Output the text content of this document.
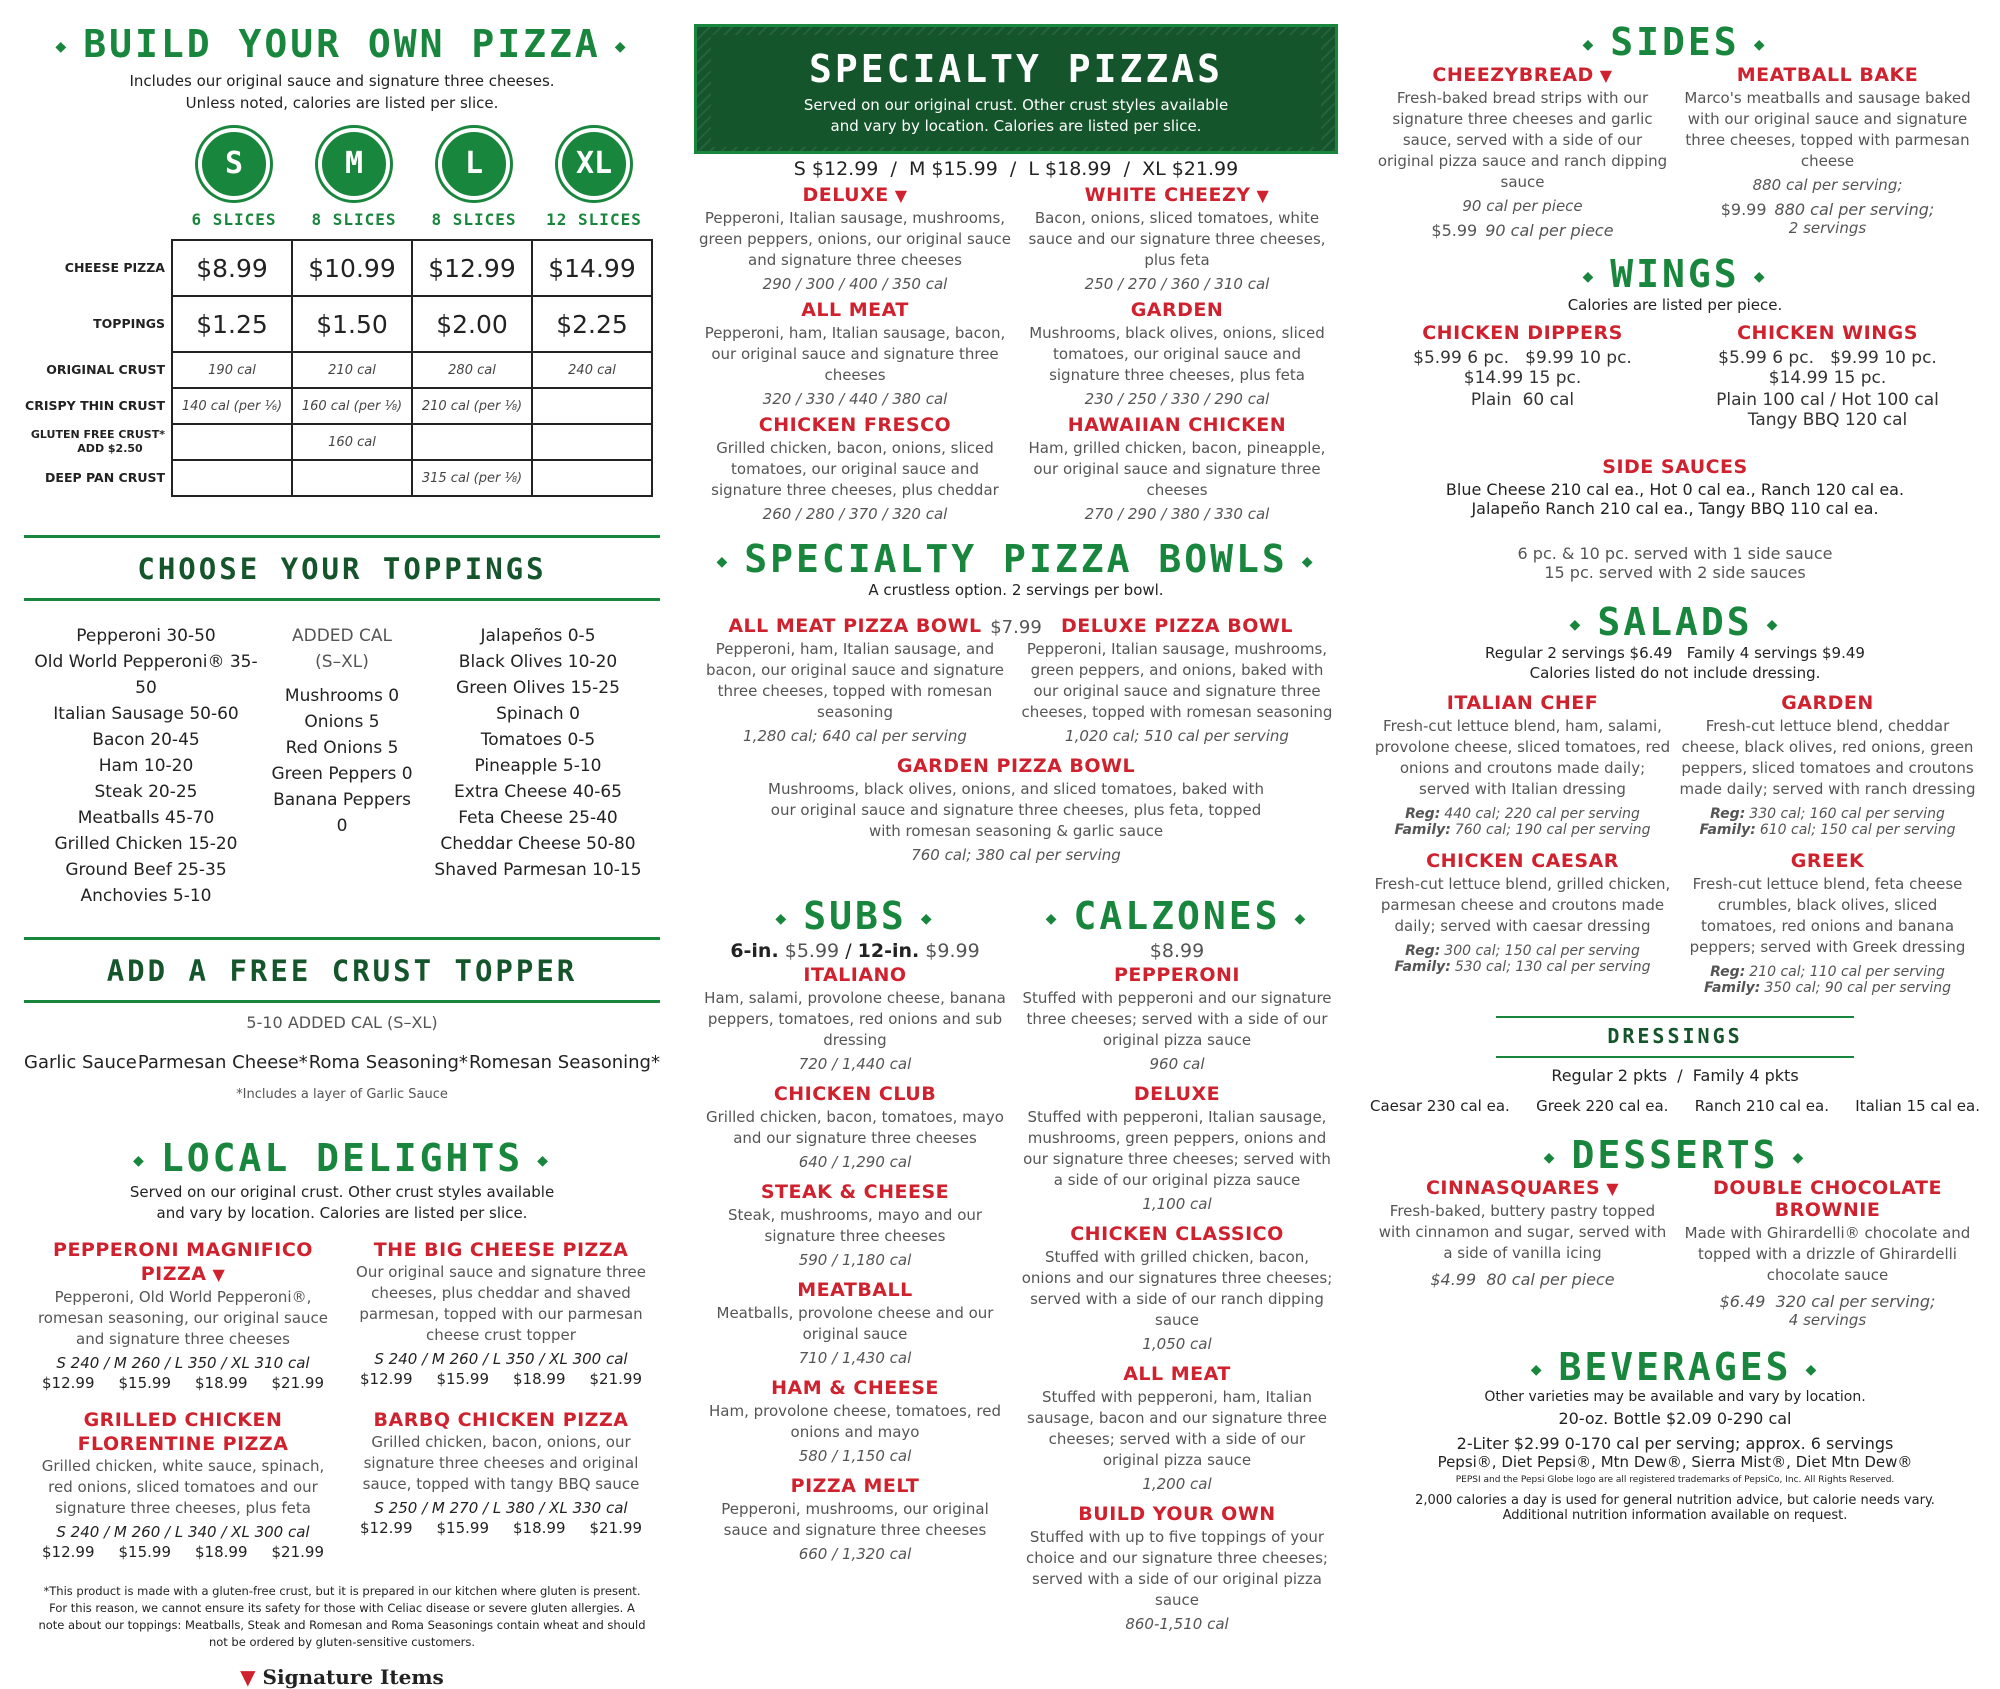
◆ BUILD YOUR OWN PIZZA ◆
Includes our original sauce and signature three cheeses.
Unless noted, calories are listed per slice.
S
6 SLICES
M
8 SLICES
L
8 SLICES
XL
12 SLICES
CHEESE PIZZA	$8.99	$10.99	$12.99	$14.99

TOPPINGS	$1.25	$1.50	$2.00	$2.25

ORIGINAL CRUST	190 cal	210 cal	280 cal	240 cal

CRISPY THIN CRUST	140 cal (per ⅙)	160 cal (per ⅛)	210 cal (per ⅛)	

GLUTEN FREE CRUST*
ADD $2.50		160 cal		

DEEP PAN CRUST			315 cal (per ⅛)	
CHOOSE YOUR TOPPINGS
Pepperoni 30-50
Old World Pepperoni® 35-50
Italian Sausage 50-60
Bacon 20-45
Ham 10-20
Steak 20-25
Meatballs 45-70
Grilled Chicken 15-20
Ground Beef 25-35
Anchovies 5-10
ADDED CAL
(S–XL)
Mushrooms 0
Onions 5
Red Onions 5
Green Peppers 0
Banana Peppers 0
Jalapeños 0-5
Black Olives 10-20
Green Olives 15-25
Spinach 0
Tomatoes 0-5
Pineapple 5-10
Extra Cheese 40-65
Feta Cheese 25-40
Cheddar Cheese 50-80
Shaved Parmesan 10-15
ADD A FREE CRUST TOPPER
5-10 ADDED CAL (S–XL)
Garlic Sauce Parmesan Cheese* Roma Seasoning* Romesan Seasoning*
*Includes a layer of Garlic Sauce
◆ LOCAL DELIGHTS ◆
Served on our original crust. Other crust styles available
and vary by location. Calories are listed per slice.
PEPPERONI MAGNIFICO PIZZA ▼
Pepperoni, Old World Pepperoni®, romesan seasoning, our original sauce and signature three cheeses
S 240 / M 260 / L 350 / XL 310 cal
$12.99 $15.99 $18.99 $21.99
THE BIG CHEESE PIZZA
Our original sauce and signature three cheeses, plus cheddar and shaved parmesan, topped with our parmesan cheese crust topper
S 240 / M 260 / L 350 / XL 300 cal
$12.99 $15.99 $18.99 $21.99
GRILLED CHICKEN FLORENTINE PIZZA
Grilled chicken, white sauce, spinach, red onions, sliced tomatoes and our signature three cheeses, plus feta
S 240 / M 260 / L 340 / XL 300 cal
$12.99 $15.99 $18.99 $21.99
BARBQ CHICKEN PIZZA
Grilled chicken, bacon, onions, our signature three cheeses and original sauce, topped with tangy BBQ sauce
S 250 / M 270 / L 380 / XL 330 cal
$12.99 $15.99 $18.99 $21.99
*This product is made with a gluten-free crust, but it is prepared in our kitchen where gluten is present. For this reason, we cannot ensure its safety for those with Celiac disease or severe gluten allergies. A note about our toppings: Meatballs, Steak and Romesan and Roma Seasonings contain wheat and should not be ordered by gluten-sensitive customers.
▼ Signature Items
SPECIALTY PIZZAS
Served on our original crust. Other crust styles available
and vary by location. Calories are listed per slice.
S $12.99  /  M $15.99  /  L $18.99  /  XL $21.99
DELUXE ▼
Pepperoni, Italian sausage, mushrooms, green peppers, onions, our original sauce and signature three cheeses
290 / 300 / 400 / 350 cal
WHITE CHEEZY ▼
Bacon, onions, sliced tomatoes, white sauce and our signature three cheeses, plus feta
250 / 270 / 360 / 310 cal
ALL MEAT
Pepperoni, ham, Italian sausage, bacon, our original sauce and signature three cheeses
320 / 330 / 440 / 380 cal
GARDEN
Mushrooms, black olives, onions, sliced tomatoes, our original sauce and signature three cheeses, plus feta
230 / 250 / 330 / 290 cal
CHICKEN FRESCO
Grilled chicken, bacon, onions, sliced tomatoes, our original sauce and signature three cheeses, plus cheddar
260 / 280 / 370 / 320 cal
HAWAIIAN CHICKEN
Ham, grilled chicken, bacon, pineapple, our original sauce and signature three cheeses
270 / 290 / 380 / 330 cal
◆ SPECIALTY PIZZA BOWLS ◆
A crustless option. 2 servings per bowl.
$7.99
ALL MEAT PIZZA BOWL
Pepperoni, ham, Italian sausage, and bacon, our original sauce and signature three cheeses, topped with romesan seasoning
1,280 cal; 640 cal per serving
DELUXE PIZZA BOWL
Pepperoni, Italian sausage, mushrooms, green peppers, and onions, baked with our original sauce and signature three cheeses, topped with romesan seasoning
1,020 cal; 510 cal per serving
GARDEN PIZZA BOWL
Mushrooms, black olives, onions, and sliced tomatoes, baked with our original sauce and signature three cheeses, plus feta, topped with romesan seasoning & garlic sauce
760 cal; 380 cal per serving
◆ SUBS ◆
6-in. $5.99 / 12-in. $9.99
ITALIANO
Ham, salami, provolone cheese, banana peppers, tomatoes, red onions and sub dressing
720 / 1,440 cal
CHICKEN CLUB
Grilled chicken, bacon, tomatoes, mayo and our signature three cheeses
640 / 1,290 cal
STEAK & CHEESE
Steak, mushrooms, mayo and our signature three cheeses
590 / 1,180 cal
MEATBALL
Meatballs, provolone cheese and our original sauce
710 / 1,430 cal
HAM & CHEESE
Ham, provolone cheese, tomatoes, red onions and mayo
580 / 1,150 cal
PIZZA MELT
Pepperoni, mushrooms, our original sauce and signature three cheeses
660 / 1,320 cal
◆ CALZONES ◆
$8.99
PEPPERONI
Stuffed with pepperoni and our signature three cheeses; served with a side of our original pizza sauce
960 cal
DELUXE
Stuffed with pepperoni, Italian sausage, mushrooms, green peppers, onions and our signature three cheeses; served with a side of our original pizza sauce
1,100 cal
CHICKEN CLASSICO
Stuffed with grilled chicken, bacon, onions and our signatures three cheeses; served with a side of our ranch dipping sauce
1,050 cal
ALL MEAT
Stuffed with pepperoni, ham, Italian sausage, bacon and our signature three cheeses; served with a side of our original pizza sauce
1,200 cal
BUILD YOUR OWN
Stuffed with up to five toppings of your choice and our signature three cheeses; served with a side of our original pizza sauce
860-1,510 cal
◆ SIDES ◆
CHEEZYBREAD ▼
Fresh-baked bread strips with our signature three cheeses and garlic sauce, served with a side of our original pizza sauce and ranch dipping sauce
90 cal per piece
$5.99 90 cal per piece
MEATBALL BAKE
Marco's meatballs and sausage baked with our original sauce and signature three cheeses, topped with parmesan cheese
880 cal per serving;
$9.99 880 cal per serving;
2 servings
◆ WINGS ◆
Calories are listed per piece.
CHICKEN DIPPERS
$5.99 6 pc.   $9.99 10 pc.
$14.99 15 pc.
Plain  60 cal
CHICKEN WINGS
$5.99 6 pc.   $9.99 10 pc.
$14.99 15 pc.
Plain 100 cal / Hot 100 cal
Tangy BBQ 120 cal
SIDE SAUCES
Blue Cheese 210 cal ea., Hot 0 cal ea., Ranch 120 cal ea.
Jalapeño Ranch 210 cal ea., Tangy BBQ 110 cal ea.
6 pc. & 10 pc. served with 1 side sauce
15 pc. served with 2 side sauces
◆ SALADS ◆
Regular 2 servings $6.49   Family 4 servings $9.49
Calories listed do not include dressing.
ITALIAN CHEF
Fresh-cut lettuce blend, ham, salami, provolone cheese, sliced tomatoes, red onions and croutons made daily; served with Italian dressing
Reg: 440 cal; 220 cal per serving
Family: 760 cal; 190 cal per serving
GARDEN
Fresh-cut lettuce blend, cheddar cheese, black olives, red onions, green peppers, sliced tomatoes and croutons made daily; served with ranch dressing
Reg: 330 cal; 160 cal per serving
Family: 610 cal; 150 cal per serving
CHICKEN CAESAR
Fresh-cut lettuce blend, grilled chicken, parmesan cheese and croutons made daily; served with caesar dressing
Reg: 300 cal; 150 cal per serving
Family: 530 cal; 130 cal per serving
GREEK
Fresh-cut lettuce blend, feta cheese crumbles, black olives, sliced tomatoes, red onions and banana peppers; served with Greek dressing
Reg: 210 cal; 110 cal per serving
Family: 350 cal; 90 cal per serving
DRESSINGS
Regular 2 pkts  /  Family 4 pkts
Caesar 230 cal ea. Greek 220 cal ea. Ranch 210 cal ea. Italian 15 cal ea.
◆ DESSERTS ◆
CINNASQUARES ▼
Fresh-baked, buttery pastry topped with cinnamon and sugar, served with a side of vanilla icing
$4.99  80 cal per piece
DOUBLE CHOCOLATE BROWNIE
Made with Ghirardelli® chocolate and topped with a drizzle of Ghirardelli chocolate sauce
$6.49  320 cal per serving;
4 servings
◆ BEVERAGES ◆
Other varieties may be available and vary by location.
20-oz. Bottle $2.09 0-290 cal
2-Liter $2.99 0-170 cal per serving; approx. 6 servings
Pepsi®, Diet Pepsi®, Mtn Dew®, Sierra Mist®, Diet Mtn Dew®
PEPSI and the Pepsi Globe logo are all registered trademarks of PepsiCo, Inc. All Rights Reserved.
2,000 calories a day is used for general nutrition advice, but calorie needs vary.
Additional nutrition information available on request.
